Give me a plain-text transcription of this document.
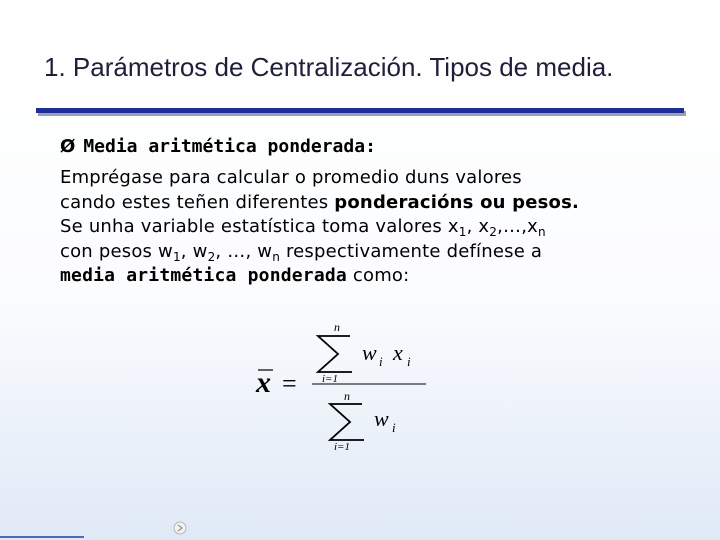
1. Parámetros de Centralización. Tipos de media.
Ø Media aritmética ponderada:
Emprégase para calcular o promedio duns valores
cando estes teñen diferentes ponderacións ou pesos.
Se unha variable estatística toma valores $x_1$, $x_2,\dots,x_n$
con pesos $w_1$, $w_2$, …, $w_n$ respectivamente defínese a
media aritmética ponderada como:
x =
n
i=1
w i x i
n
i=1
w i
